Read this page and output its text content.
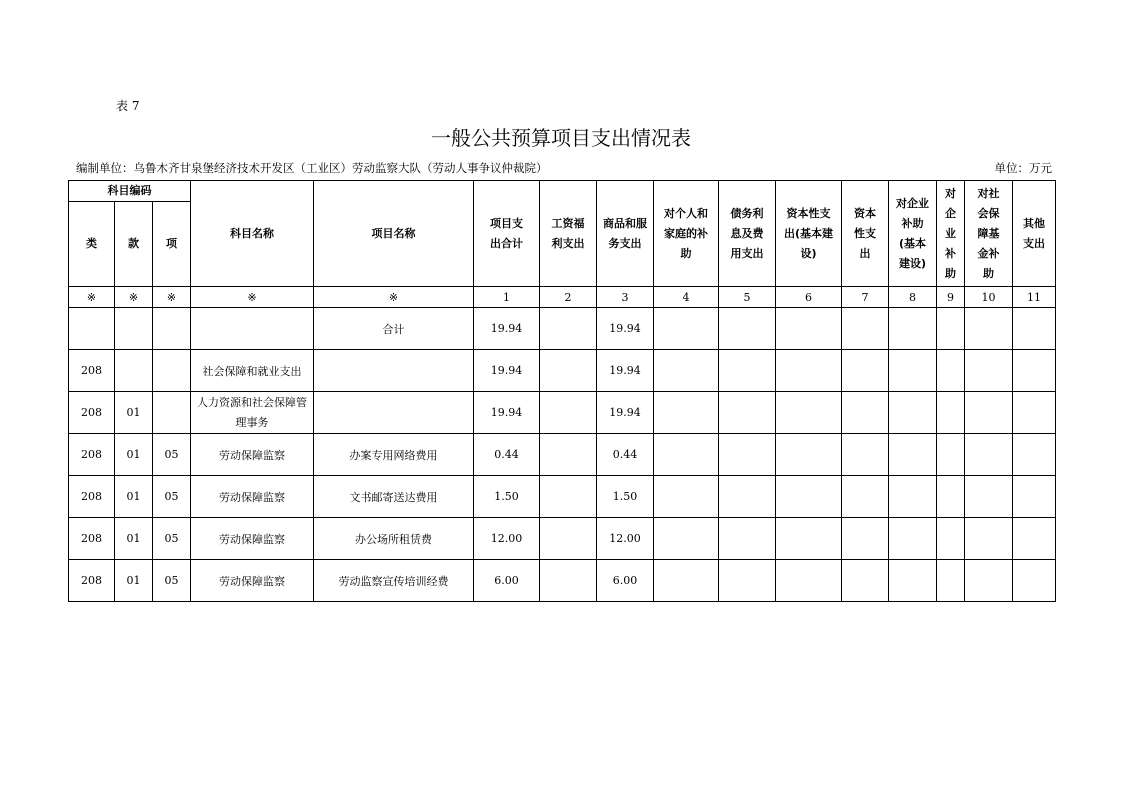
表 7
一般公共预算项目支出情况表
编制单位：乌鲁木齐甘泉堡经济技术开发区（工业区）劳动监察大队（劳动人事争议仲裁院）	单位：万元
科目编码			科目名称	项目名称	项目支出合计	工资福利支出	商品和服务支出	对个人和家庭的补助	债务利息及费用支出	资本性支出(基本建设)	资本性支出	对企业补助(基本建设)	对企业补助	对社会保障基金补助	其他支出
类	款	项													
※	※	※	※	※	1	2	3	4	5	6	7	8	9	10	11
				合计	19.94		19.94								
208			社会保障和就业支出		19.94		19.94								
208	01		人力资源和社会保障管理事务		19.94		19.94								
208	01	05	劳动保障监察	办案专用网络费用	0.44		0.44								
208	01	05	劳动保障监察	文书邮寄送达费用	1.50		1.50								
208	01	05	劳动保障监察	办公场所租赁费	12.00		12.00								
208	01	05	劳动保障监察	劳动监察宣传培训经费	6.00		6.00								
